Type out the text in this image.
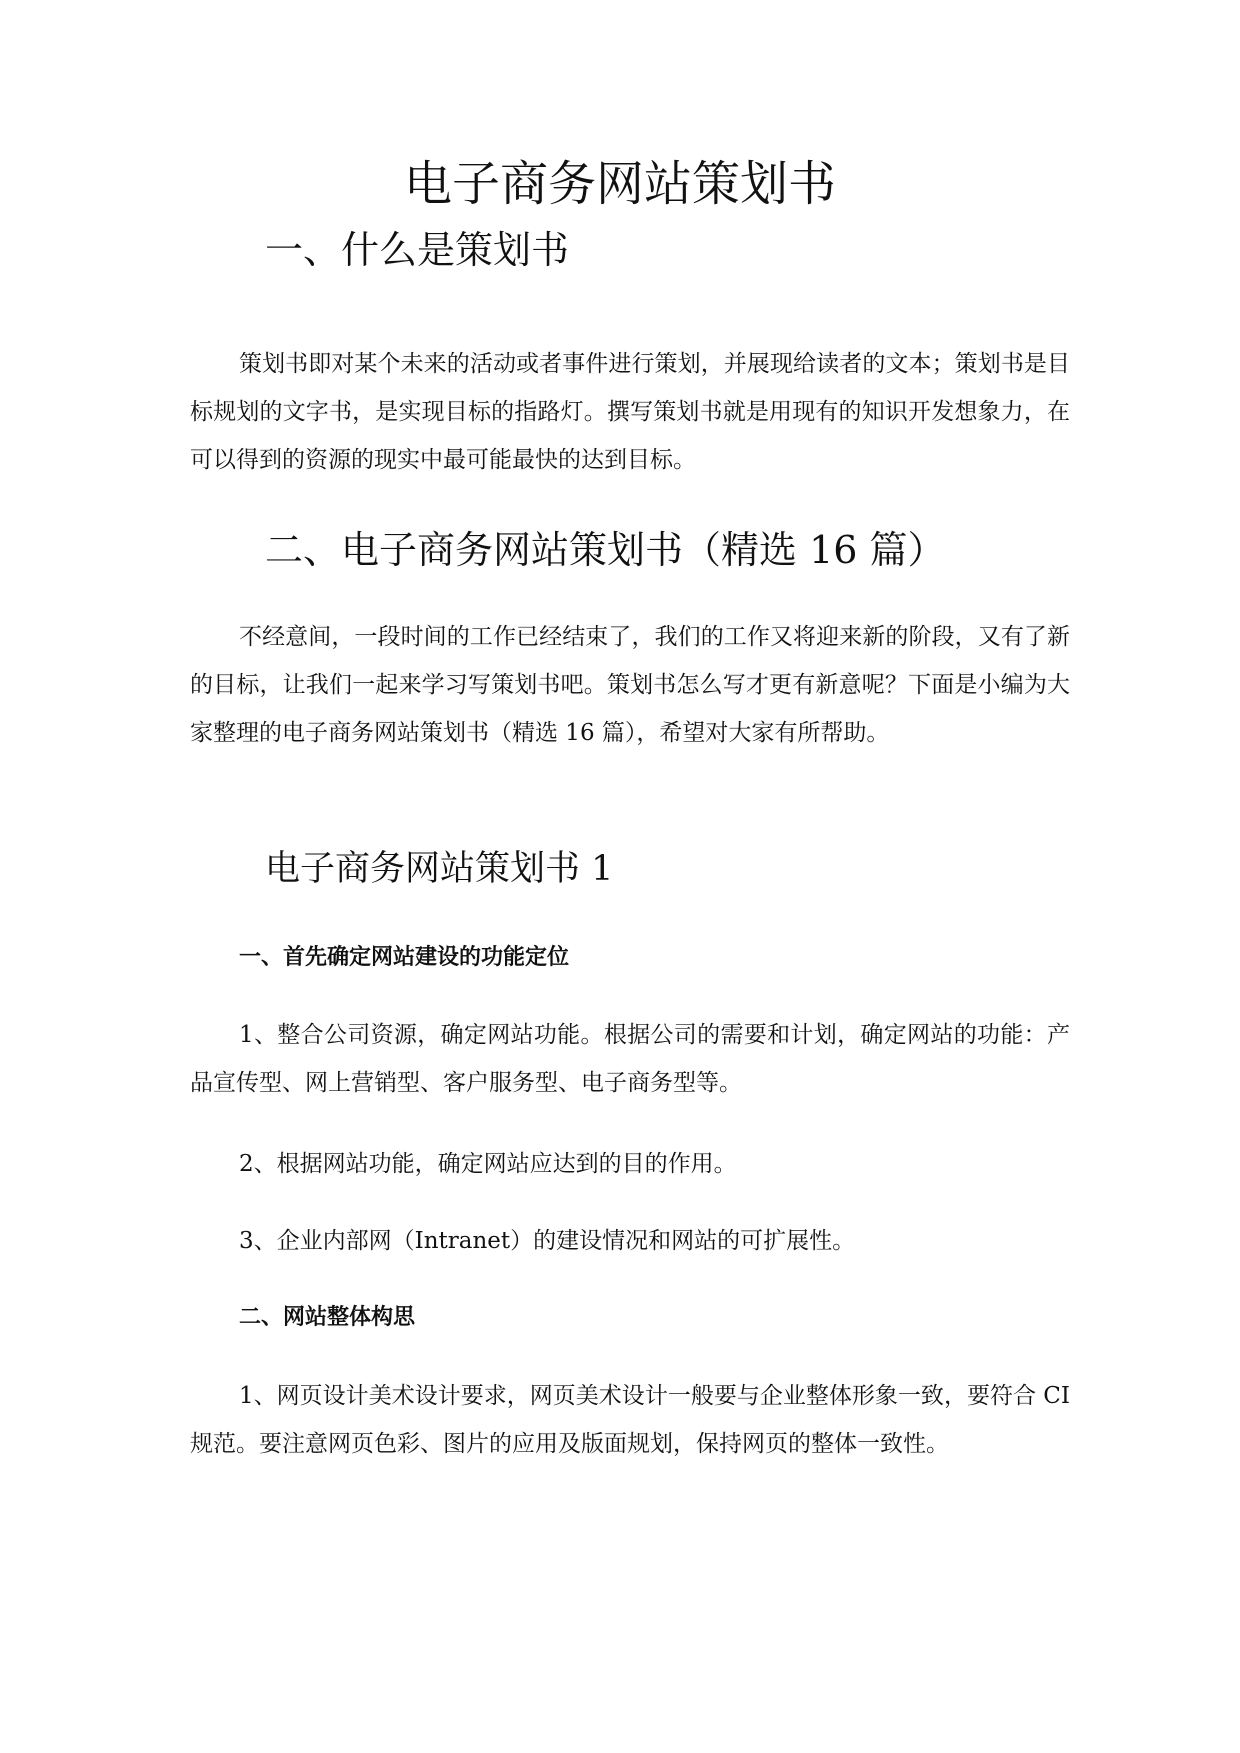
电子商务网站策划书
一、什么是策划书

策划书即对某个未来的活动或者事件进行策划，并展现给读者的文本；策划书是目标规划的文字书，是实现目标的指路灯。撰写策划书就是用现有的知识开发想象力，在可以得到的资源的现实中最可能最快的达到目标。

二、电子商务网站策划书（精选 16 篇）

不经意间，一段时间的工作已经结束了，我们的工作又将迎来新的阶段，又有了新的目标，让我们一起来学习写策划书吧。策划书怎么写才更有新意呢？下面是小编为大家整理的电子商务网站策划书（精选 16 篇），希望对大家有所帮助。

电子商务网站策划书 1
一、首先确定网站建设的功能定位

1、整合公司资源，确定网站功能。根据公司的需要和计划，确定网站的功能：产品宣传型、网上营销型、客户服务型、电子商务型等。

2、根据网站功能，确定网站应达到的目的作用。

3、企业内部网（Intranet）的建设情况和网站的可扩展性。

二、网站整体构思

1、网页设计美术设计要求，网页美术设计一般要与企业整体形象一致，要符合 CI 规范。要注意网页色彩、图片的应用及版面规划，保持网页的整体一致性。
